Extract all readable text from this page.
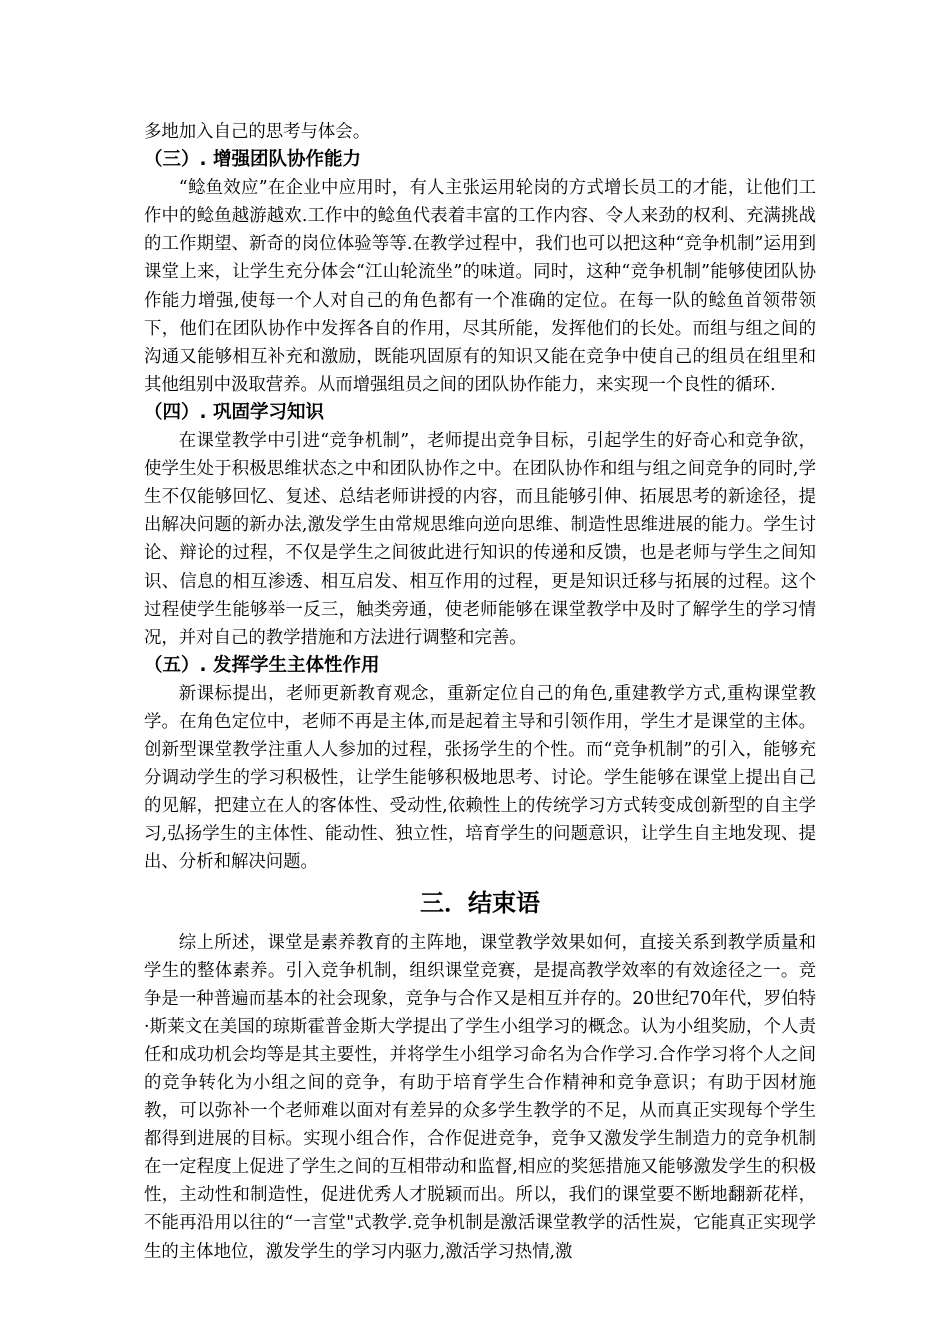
多地加入自己的思考与体会。

（三）. 增强团队协作能力

“鲶鱼效应”在企业中应用时，有人主张运用轮岗的方式增长员工的才能，让他们工作中的鲶鱼越游越欢.工作中的鲶鱼代表着丰富的工作内容、令人来劲的权利、充满挑战的工作期望、新奇的岗位体验等等.在教学过程中，我们也可以把这种“竞争机制”运用到课堂上来，让学生充分体会“江山轮流坐”的味道。同时，这种“竞争机制”能够使团队协作能力增强,使每一个人对自己的角色都有一个准确的定位。在每一队的鲶鱼首领带领下，他们在团队协作中发挥各自的作用，尽其所能，发挥他们的长处。而组与组之间的沟通又能够相互补充和激励，既能巩固原有的知识又能在竞争中使自己的组员在组里和其他组别中汲取营养。从而增强组员之间的团队协作能力，来实现一个良性的循环.

（四）. 巩固学习知识

在课堂教学中引进“竞争机制”，老师提出竞争目标，引起学生的好奇心和竞争欲，使学生处于积极思维状态之中和团队协作之中。在团队协作和组与组之间竞争的同时,学生不仅能够回忆、复述、总结老师讲授的内容，而且能够引伸、拓展思考的新途径，提出解决问题的新办法,激发学生由常规思维向逆向思维、制造性思维进展的能力。学生讨论、辩论的过程，不仅是学生之间彼此进行知识的传递和反馈，也是老师与学生之间知识、信息的相互渗透、相互启发、相互作用的过程，更是知识迁移与拓展的过程。这个过程使学生能够举一反三，触类旁通，使老师能够在课堂教学中及时了解学生的学习情况，并对自己的教学措施和方法进行调整和完善。

（五）. 发挥学生主体性作用

新课标提出，老师更新教育观念，重新定位自己的角色,重建教学方式,重构课堂教学。在角色定位中，老师不再是主体,而是起着主导和引领作用，学生才是课堂的主体。创新型课堂教学注重人人参加的过程，张扬学生的个性。而“竞争机制”的引入，能够充分调动学生的学习积极性，让学生能够积极地思考、讨论。学生能够在课堂上提出自己的见解，把建立在人的客体性、受动性,依赖性上的传统学习方式转变成创新型的自主学习,弘扬学生的主体性、能动性、独立性，培育学生的问题意识，让学生自主地发现、提出、分析和解决问题。

三．结束语

综上所述，课堂是素养教育的主阵地，课堂教学效果如何，直接关系到教学质量和学生的整体素养。引入竞争机制，组织课堂竞赛，是提高教学效率的有效途径之一。竞争是一种普遍而基本的社会现象，竞争与合作又是相互并存的。20世纪70年代，罗伯特·斯莱文在美国的琼斯霍普金斯大学提出了学生小组学习的概念。认为小组奖励，个人责任和成功机会均等是其主要性，并将学生小组学习命名为合作学习.合作学习将个人之间的竞争转化为小组之间的竞争，有助于培育学生合作精神和竞争意识；有助于因材施教，可以弥补一个老师难以面对有差异的众多学生教学的不足，从而真正实现每个学生都得到进展的目标。实现小组合作，合作促进竞争，竞争又激发学生制造力的竞争机制在一定程度上促进了学生之间的互相带动和监督,相应的奖惩措施又能够激发学生的积极性，主动性和制造性，促进优秀人才脱颖而出。所以，我们的课堂要不断地翻新花样，不能再沿用以往的“一言堂"式教学.竞争机制是激活课堂教学的活性炭，它能真正实现学生的主体地位，激发学生的学习内驱力,激活学习热情,激
